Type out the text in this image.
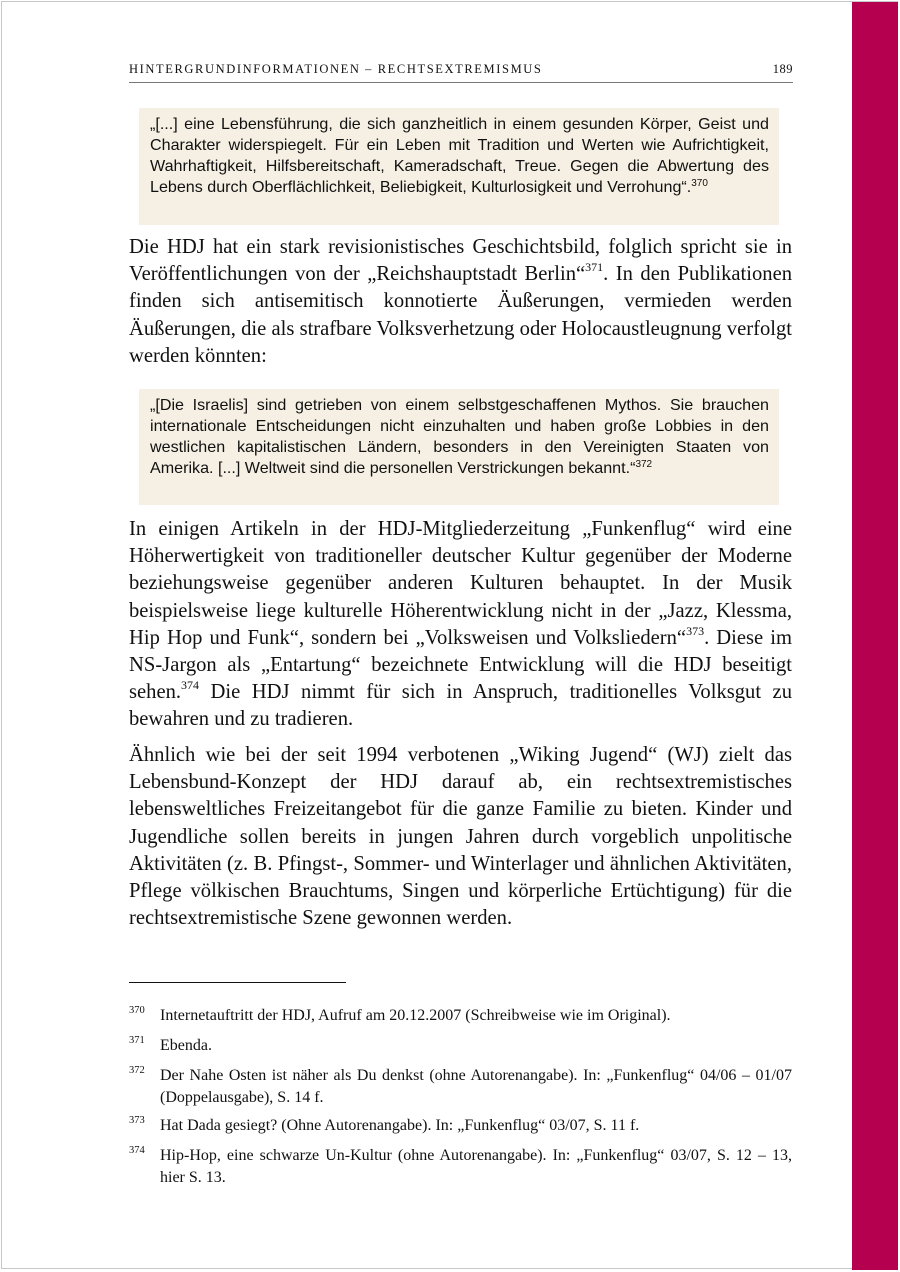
HINTERGRUNDINFORMATIONEN – RECHTSEXTREMISMUS	189
„[...] eine Lebensführung, die sich ganzheitlich in einem gesunden Körper, Geist und Charakter widerspiegelt. Für ein Leben mit Tradition und Werten wie Aufrichtigkeit, Wahrhaftigkeit, Hilfsbereitschaft, Kameradschaft, Treue. Gegen die Abwertung des Lebens durch Oberflächlichkeit, Beliebigkeit, Kulturlosigkeit und Verrohung“.$^{370}$
Die HDJ hat ein stark revisionistisches Geschichtsbild, folglich spricht sie in Veröffentlichungen von der „Reichshauptstadt Berlin“$^{371}$. In den Publikationen finden sich antisemitisch konnotierte Äußerungen, vermieden werden Äußerungen, die als strafbare Volksverhetzung oder Holocaustleugnung verfolgt werden könnten:
„[Die Israelis] sind getrieben von einem selbstgeschaffenen Mythos. Sie brauchen internationale Entscheidungen nicht einzuhalten und haben große Lobbies in den westlichen kapitalistischen Ländern, besonders in den Vereinigten Staaten von Amerika. [...] Weltweit sind die personellen Verstrickungen bekannt.“$^{372}$
In einigen Artikeln in der HDJ-Mitgliederzeitung „Funkenflug“ wird eine Höherwertigkeit von traditioneller deutscher Kultur gegenüber der Moderne beziehungsweise gegenüber anderen Kulturen behauptet. In der Musik beispielsweise liege kulturelle Höherentwicklung nicht in der „Jazz, Klessma, Hip Hop und Funk“, sondern bei „Volksweisen und Volksliedern“$^{373}$. Diese im NS-Jargon als „Entartung“ bezeichnete Entwicklung will die HDJ beseitigt sehen.$^{374}$ Die HDJ nimmt für sich in Anspruch, traditionelles Volksgut zu bewahren und zu tradieren.
Ähnlich wie bei der seit 1994 verbotenen „Wiking Jugend“ (WJ) zielt das Lebensbund-Konzept der HDJ darauf ab, ein rechtsextremistisches lebensweltliches Freizeitangebot für die ganze Familie zu bieten. Kinder und Jugendliche sollen bereits in jungen Jahren durch vorgeblich unpolitische Aktivitäten (z. B. Pfingst-, Sommer- und Winterlager und ähnlichen Aktivitäten, Pflege völkischen Brauchtums, Singen und körperliche Ertüchtigung) für die rechtsextremistische Szene gewonnen werden.
370 Internetauftritt der HDJ, Aufruf am 20.12.2007 (Schreibweise wie im Original).
371 Ebenda.
372 Der Nahe Osten ist näher als Du denkst (ohne Autorenangabe). In: „Funkenflug“ 04/06 – 01/07 (Doppelausgabe), S. 14 f.
373 Hat Dada gesiegt? (Ohne Autorenangabe). In: „Funkenflug“ 03/07, S. 11 f.
374 Hip-Hop, eine schwarze Un-Kultur (ohne Autorenangabe). In: „Funkenflug“ 03/07, S. 12 – 13, hier S. 13.
